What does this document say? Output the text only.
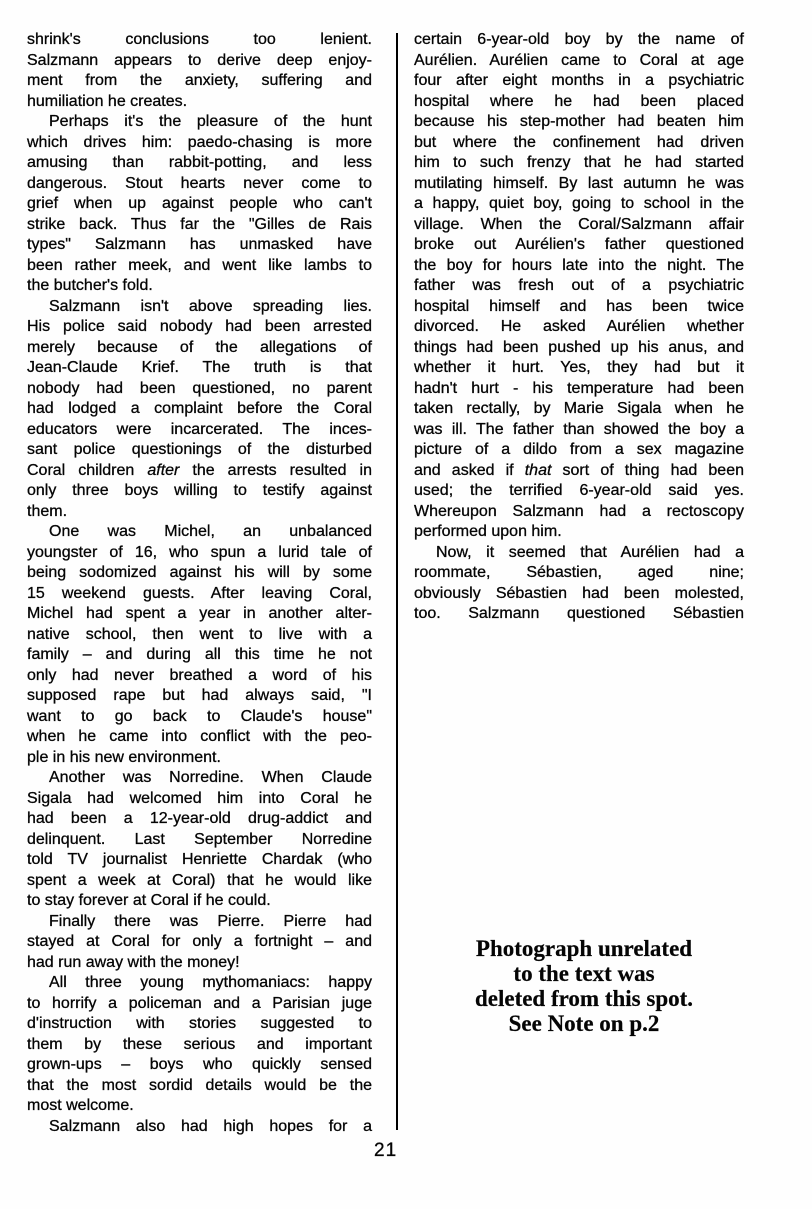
shrink's conclusions too lenient.
Salzmann appears to derive deep enjoy-
ment from the anxiety, suffering and
humiliation he creates.
Perhaps it's the pleasure of the hunt
which drives him: paedo-chasing is more
amusing than rabbit-potting, and less
dangerous. Stout hearts never come to
grief when up against people who can't
strike back. Thus far the "Gilles de Rais
types" Salzmann has unmasked have
been rather meek, and went like lambs to
the butcher's fold.
Salzmann isn't above spreading lies.
His police said nobody had been arrested
merely because of the allegations of
Jean-Claude Krief. The truth is that
nobody had been questioned, no parent
had lodged a complaint before the Coral
educators were incarcerated. The inces-
sant police questionings of the disturbed
Coral children after the arrests resulted in
only three boys willing to testify against
them.
One was Michel, an unbalanced
youngster of 16, who spun a lurid tale of
being sodomized against his will by some
15 weekend guests. After leaving Coral,
Michel had spent a year in another alter-
native school, then went to live with a
family – and during all this time he not
only had never breathed a word of his
supposed rape but had always said, "I
want to go back to Claude's house"
when he came into conflict with the peo-
ple in his new environment.
Another was Norredine. When Claude
Sigala had welcomed him into Coral he
had been a 12-year-old drug-addict and
delinquent. Last September Norredine
told TV journalist Henriette Chardak (who
spent a week at Coral) that he would like
to stay forever at Coral if he could.
Finally there was Pierre. Pierre had
stayed at Coral for only a fortnight – and
had run away with the money!
All three young mythomaniacs: happy
to horrify a policeman and a Parisian juge
d'instruction with stories suggested to
them by these serious and important
grown-ups – boys who quickly sensed
that the most sordid details would be the
most welcome.
Salzmann also had high hopes for a
certain 6-year-old boy by the name of
Aurélien. Aurélien came to Coral at age
four after eight months in a psychiatric
hospital where he had been placed
because his step-mother had beaten him
but where the confinement had driven
him to such frenzy that he had started
mutilating himself. By last autumn he was
a happy, quiet boy, going to school in the
village. When the Coral/Salzmann affair
broke out Aurélien's father questioned
the boy for hours late into the night. The
father was fresh out of a psychiatric
hospital himself and has been twice
divorced. He asked Aurélien whether
things had been pushed up his anus, and
whether it hurt. Yes, they had but it
hadn't hurt - his temperature had been
taken rectally, by Marie Sigala when he
was ill. The father than showed the boy a
picture of a dildo from a sex magazine
and asked if that sort of thing had been
used; the terrified 6-year-old said yes.
Whereupon Salzmann had a rectoscopy
performed upon him.
Now, it seemed that Aurélien had a
roommate, Sébastien, aged nine;
obviously Sébastien had been molested,
too. Salzmann questioned Sébastien
Photograph unrelated
to the text was
deleted from this spot.
See Note on p.2
21
